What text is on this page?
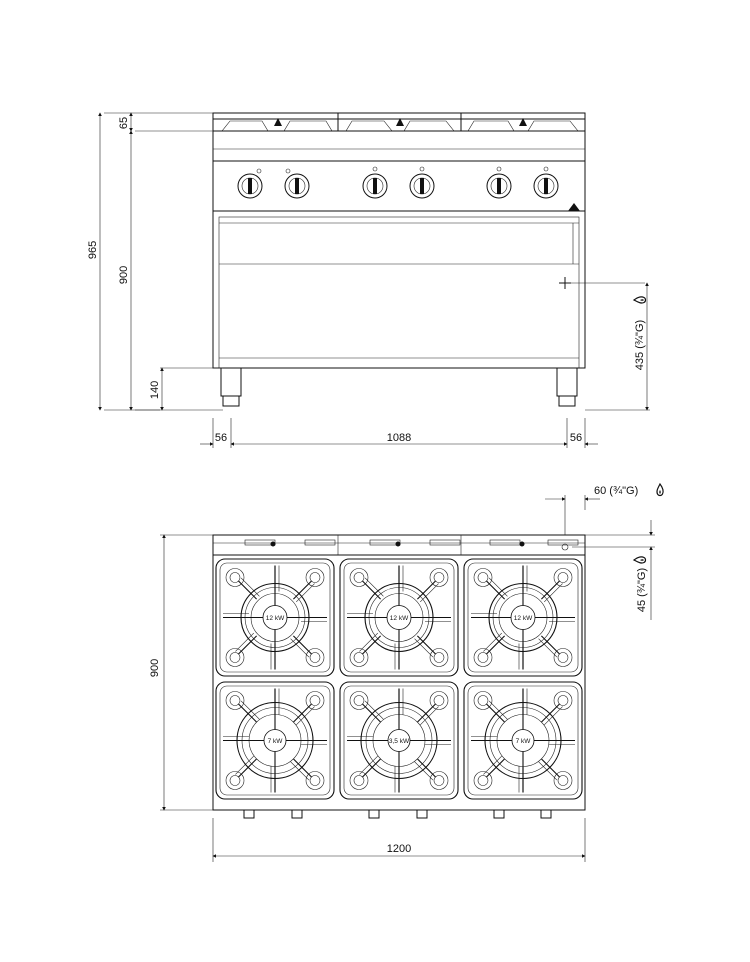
965
65
900
140
435 (¾"G)
56	1088	56
12 kW	12 kW	12 kW
7 kW	3,5 kW	7 kW
900
1200
60 (¾"G)
45 (¾"G)
